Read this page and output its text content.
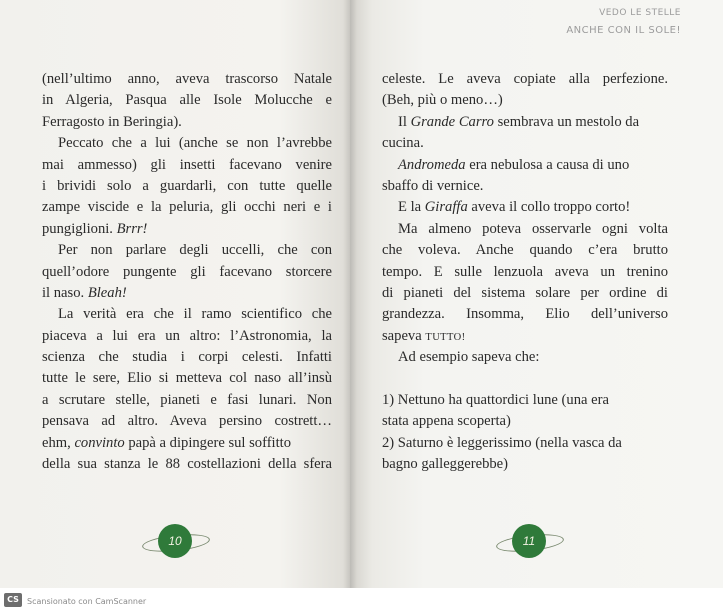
(nell’ultimo anno, aveva trascorso Natale
in Algeria, Pasqua alle Isole Molucche e
Ferragosto in Beringia).
Peccato che a lui (anche se non l’avrebbe
mai ammesso) gli insetti facevano venire
i brividi solo a guardarli, con tutte quelle
zampe viscide e la peluria, gli occhi neri e i
pungiglioni. Brrr!
Per non parlare degli uccelli, che con
quell’odore pungente gli facevano storcere
il naso. Bleah!
La verità era che il ramo scientifico che
piaceva a lui era un altro: l’Astronomia, la
scienza che studia i corpi celesti. Infatti
tutte le sere, Elio si metteva col naso all’insù
a scrutare stelle, pianeti e fasi lunari. Non
pensava ad altro. Aveva persino costrett…
ehm, convinto papà a dipingere sul soffitto
della sua stanza le 88 costellazioni della sfera
10
VEDO LE STELLE
ANCHE CON IL SOLE!
celeste. Le aveva copiate alla perfezione.
(Beh, più o meno…)
Il Grande Carro sembrava un mestolo da
cucina.
Andromeda era nebulosa a causa di uno
sbaffo di vernice.
E la Giraffa aveva il collo troppo corto!
Ma almeno poteva osservarle ogni volta
che voleva. Anche quando c’era brutto
tempo. E sulle lenzuola aveva un trenino
di pianeti del sistema solare per ordine di
grandezza. Insomma, Elio dell’universo
sapeva TUTTO!
Ad esempio sapeva che:
1) Nettuno ha quattordici lune (una era
stata appena scoperta)
2) Saturno è leggerissimo (nella vasca da
bagno galleggerebbe)
11
CS	Scansionato con CamScanner
